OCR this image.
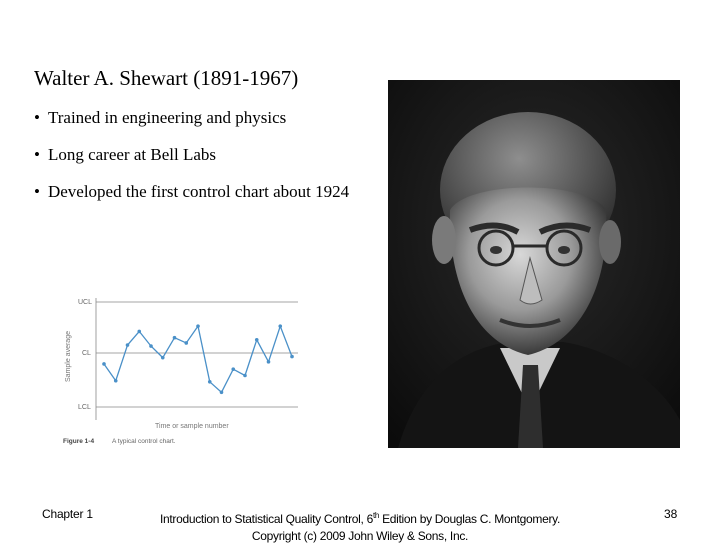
Walter A. Shewart (1891-1967)
• Trained in engineering and physics
• Long career at Bell Labs
• Developed the first control chart about 1924
UCL
CL
LCL
Sample average
Time or sample number
Figure 1-4	A typical control chart.
Chapter 1	Introduction to Statistical Quality Control, 6th Edition by Douglas C. Montgomery.
Copyright (c) 2009 John Wiley & Sons, Inc.
38
